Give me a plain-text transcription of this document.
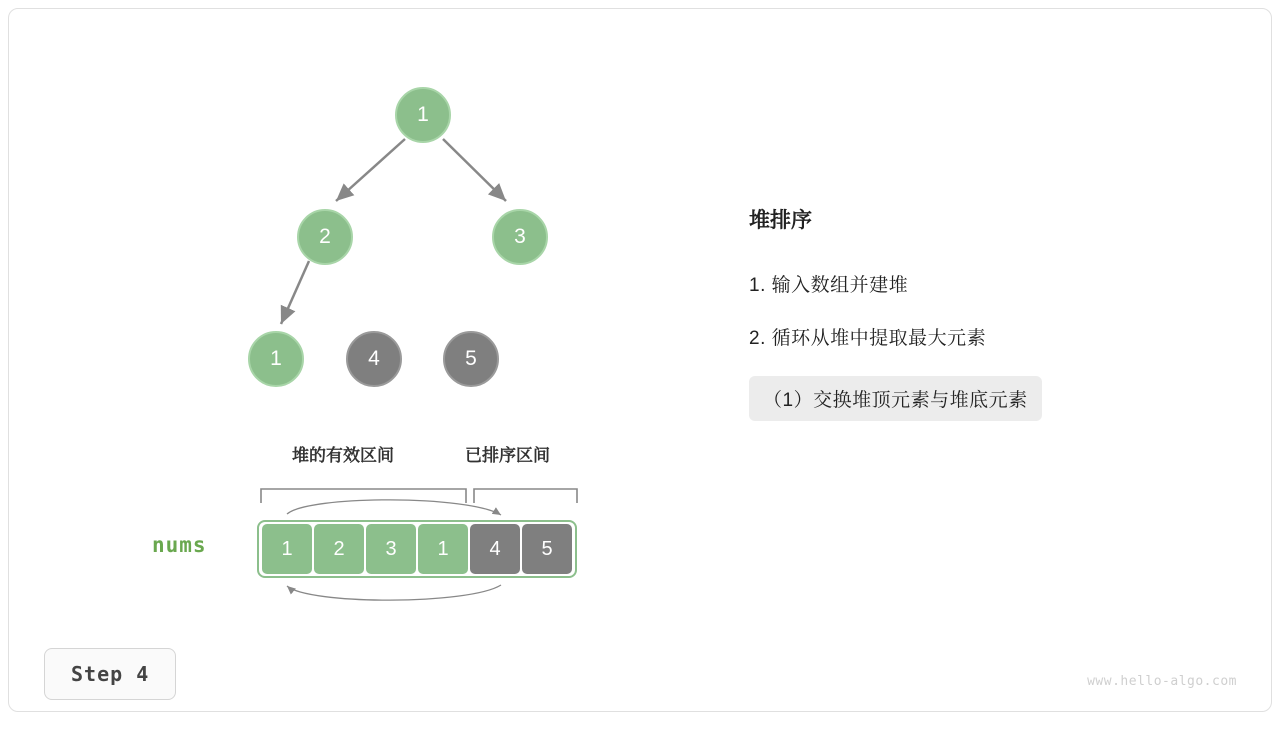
1
2	3
1	4	5
堆的有效区间	已排序区间
nums	1	2	3	1	4	5
堆排序
1. 输入数组并建堆
2. 循环从堆中提取最大元素
（1）交换堆顶元素与堆底元素
Step 4	www.hello-algo.com
